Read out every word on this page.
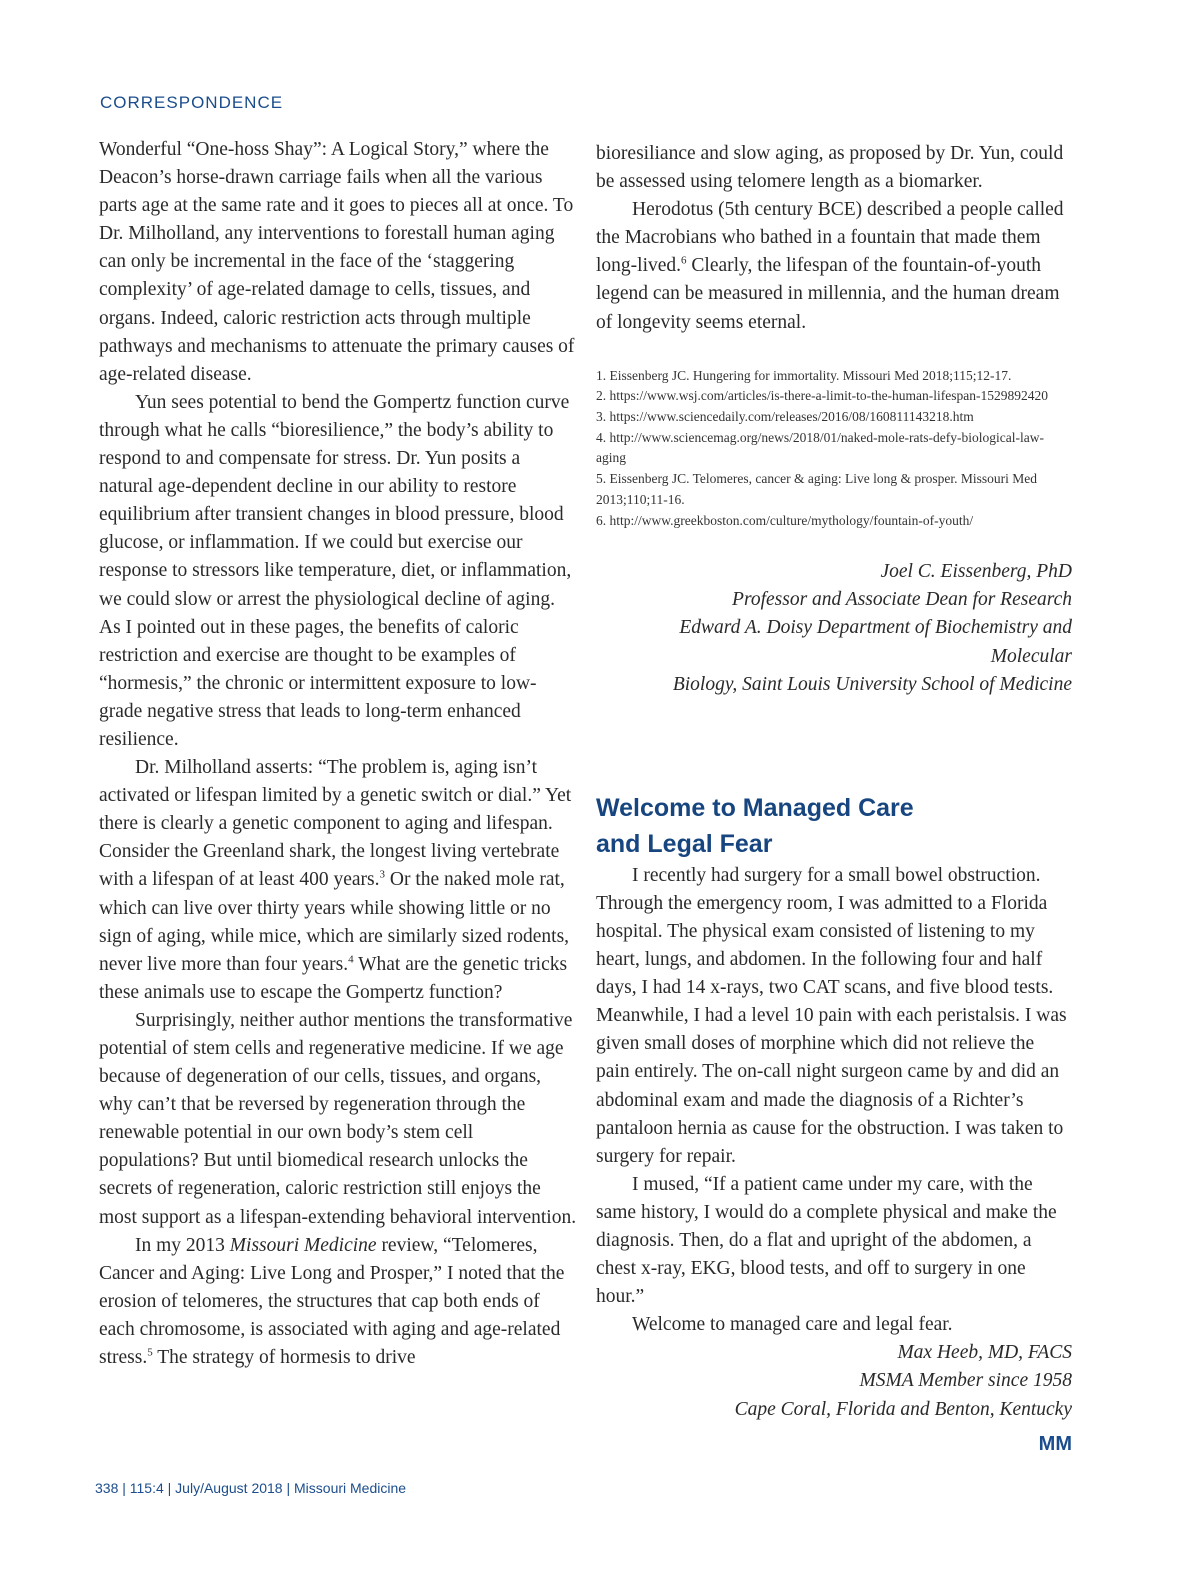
CORRESPONDENCE

Wonderful “One-hoss Shay”: A Logical Story,” where the Deacon’s horse-drawn carriage fails when all the various parts age at the same rate and it goes to pieces all at once. To Dr. Milholland, any interventions to forestall human aging can only be incremental in the face of the ‘staggering complexity’ of age-related damage to cells, tissues, and organs. Indeed, caloric restriction acts through multiple pathways and mechanisms to attenuate the primary causes of age-related disease.

Yun sees potential to bend the Gompertz function curve through what he calls “bioresilience,” the body’s ability to respond to and compensate for stress. Dr. Yun posits a natural age-dependent decline in our ability to restore equilibrium after transient changes in blood pressure, blood glucose, or inflammation. If we could but exercise our response to stressors like temperature, diet, or inflammation, we could slow or arrest the physiological decline of aging. As I pointed out in these pages, the benefits of caloric restriction and exercise are thought to be examples of “hormesis,” the chronic or intermittent exposure to low-grade negative stress that leads to long-term enhanced resilience.

Dr. Milholland asserts: “The problem is, aging isn’t activated or lifespan limited by a genetic switch or dial.” Yet there is clearly a genetic component to aging and lifespan. Consider the Greenland shark, the longest living vertebrate with a lifespan of at least 400 years.$^3$ Or the naked mole rat, which can live over thirty years while showing little or no sign of aging, while mice, which are similarly sized rodents, never live more than four years.$^4$ What are the genetic tricks these animals use to escape the Gompertz function?

Surprisingly, neither author mentions the transformative potential of stem cells and regenerative medicine. If we age because of degeneration of our cells, tissues, and organs, why can’t that be reversed by regeneration through the renewable potential in our own body’s stem cell populations? But until biomedical research unlocks the secrets of regeneration, caloric restriction still enjoys the most support as a lifespan-extending behavioral intervention.

In my 2013 Missouri Medicine review, “Telomeres, Cancer and Aging: Live Long and Prosper,” I noted that the erosion of telomeres, the structures that cap both ends of each chromosome, is associated with aging and age-related stress.$^5$ The strategy of hormesis to drive

bioresiliance and slow aging, as proposed by Dr. Yun, could be assessed using telomere length as a biomarker.

Herodotus (5th century BCE) described a people called the Macrobians who bathed in a fountain that made them long-lived.$^6$ Clearly, the lifespan of the fountain-of-youth legend can be measured in millennia, and the human dream of longevity seems eternal.

1. Eissenberg JC. Hungering for immortality. Missouri Med 2018;115;12-17.
2. https://www.wsj.com/articles/is-there-a-limit-to-the-human-lifespan-1529892420
3. https://www.sciencedaily.com/releases/2016/08/160811143218.htm
4. http://www.sciencemag.org/news/2018/01/naked-mole-rats-defy-biological-law-aging
5. Eissenberg JC. Telomeres, cancer & aging: Live long & prosper. Missouri Med 2013;110;11-16.
6. http://www.greekboston.com/culture/mythology/fountain-of-youth/
Joel C. Eissenberg, PhD
Professor and Associate Dean for Research
Edward A. Doisy Department of Biochemistry and Molecular
Biology, Saint Louis University School of Medicine
Welcome to Managed Care
and Legal Fear

I recently had surgery for a small bowel obstruction. Through the emergency room, I was admitted to a Florida hospital. The physical exam consisted of listening to my heart, lungs, and abdomen. In the following four and half days, I had 14 x-rays, two CAT scans, and five blood tests. Meanwhile, I had a level 10 pain with each peristalsis. I was given small doses of morphine which did not relieve the pain entirely. The on-call night surgeon came by and did an abdominal exam and made the diagnosis of a Richter’s pantaloon hernia as cause for the obstruction. I was taken to surgery for repair.

I mused, “If a patient came under my care, with the same history, I would do a complete physical and make the diagnosis. Then, do a flat and upright of the abdomen, a chest x-ray, EKG, blood tests, and off to surgery in one hour.”

Welcome to managed care and legal fear.

Max Heeb, MD, FACS
MSMA Member since 1958
Cape Coral, Florida and Benton, Kentucky
MM
338 | 115:4 | July/August 2018 | Missouri Medicine
